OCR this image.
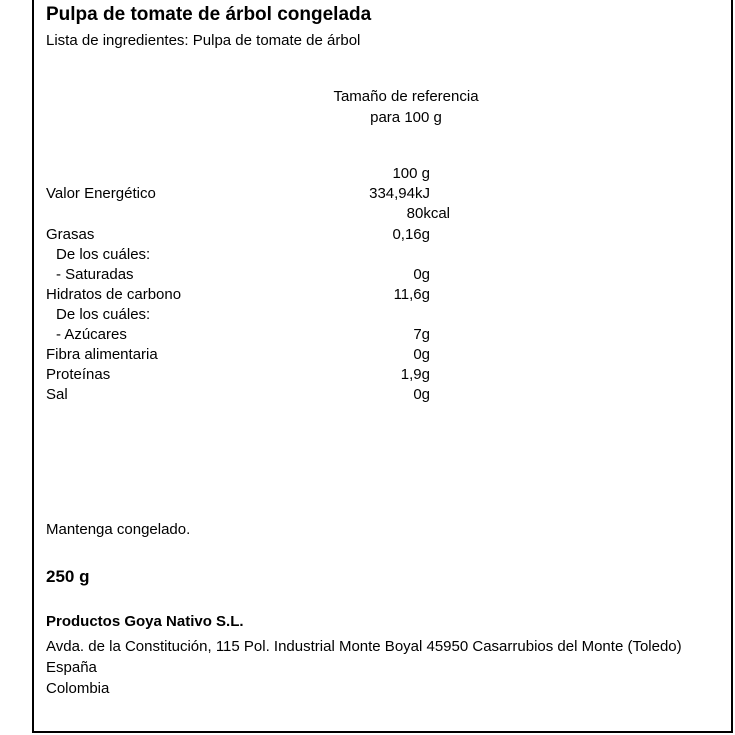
Pulpa de tomate de árbol congelada
Lista de ingredientes: Pulpa de tomate de árbol
Tamaño de referencia
para 100 g
100 g
Valor Energético	334,94kJ
80kcal
Grasas	0,16g
De los cuáles:
- Saturadas	0g
Hidratos de carbono	11,6g
De los cuáles:
- Azúcares	7g
Fibra alimentaria	0g
Proteínas	1,9g
Sal	0g
Mantenga congelado.
250 g
Productos Goya Nativo S.L.
Avda. de la Constitución, 115 Pol. Industrial Monte Boyal 45950 Casarrubios del Monte (Toledo) España
Colombia
